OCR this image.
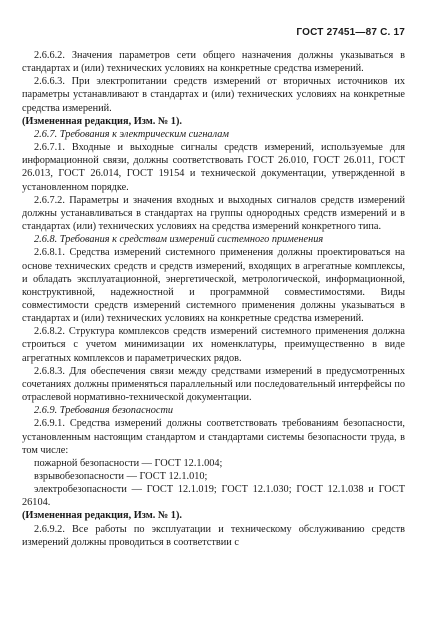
ГОСТ 27451—87 С. 17

2.6.6.2. Значения параметров сети общего назначения должны указываться в стандартах и (или) технических условиях на конкретные средства измерений.

2.6.6.3. При электропитании средств измерений от вторичных источников их параметры устанавливают в стандартах и (или) технических условиях на конкретные средства измерений.

(Измененная редакция, Изм. № 1).

2.6.7. Требования к электрическим сигналам

2.6.7.1. Входные и выходные сигналы средств измерений, используемые для информационной связи, должны соответствовать ГОСТ 26.010, ГОСТ 26.011, ГОСТ 26.013, ГОСТ 26.014, ГОСТ 19154 и технической документации, утвержденной в установленном порядке.

2.6.7.2. Параметры и значения входных и выходных сигналов средств измерений должны устанавливаться в стандартах на группы однородных средств измерений и в стандартах (или) технических условиях на средства измерений конкретного типа.

2.6.8. Требования к средствам измерений системного применения

2.6.8.1. Средства измерений системного применения должны проектироваться на основе технических средств и средств измерений, входящих в агрегатные комплексы, и обладать эксплуатационной, энергетической, метрологической, информационной, конструктивной, надежностной и программной совместимостями. Виды совместимости средств измерений системного применения должны указываться в стандартах и (или) технических условиях на конкретные средства измерений.

2.6.8.2. Структура комплексов средств измерений системного применения должна строиться с учетом минимизации их номенклатуры, преимущественно в виде агрегатных комплексов и параметрических рядов.

2.6.8.3. Для обеспечения связи между средствами измерений в предусмотренных сочетаниях должны применяться параллельный или последовательный интерфейсы по отраслевой нормативно-технической документации.

2.6.9. Требования безопасности

2.6.9.1. Средства измерений должны соответствовать требованиям безопасности, установленным настоящим стандартом и стандартами системы безопасности труда, в том числе:

пожарной безопасности — ГОСТ 12.1.004;

взрывобезопасности — ГОСТ 12.1.010;

электробезопасности — ГОСТ 12.1.019; ГОСТ 12.1.030; ГОСТ 12.1.038 и ГОСТ 26104.

(Измененная редакция, Изм. № 1).

2.6.9.2. Все работы по эксплуатации и техническому обслуживанию средств измерений должны проводиться в соответствии с
